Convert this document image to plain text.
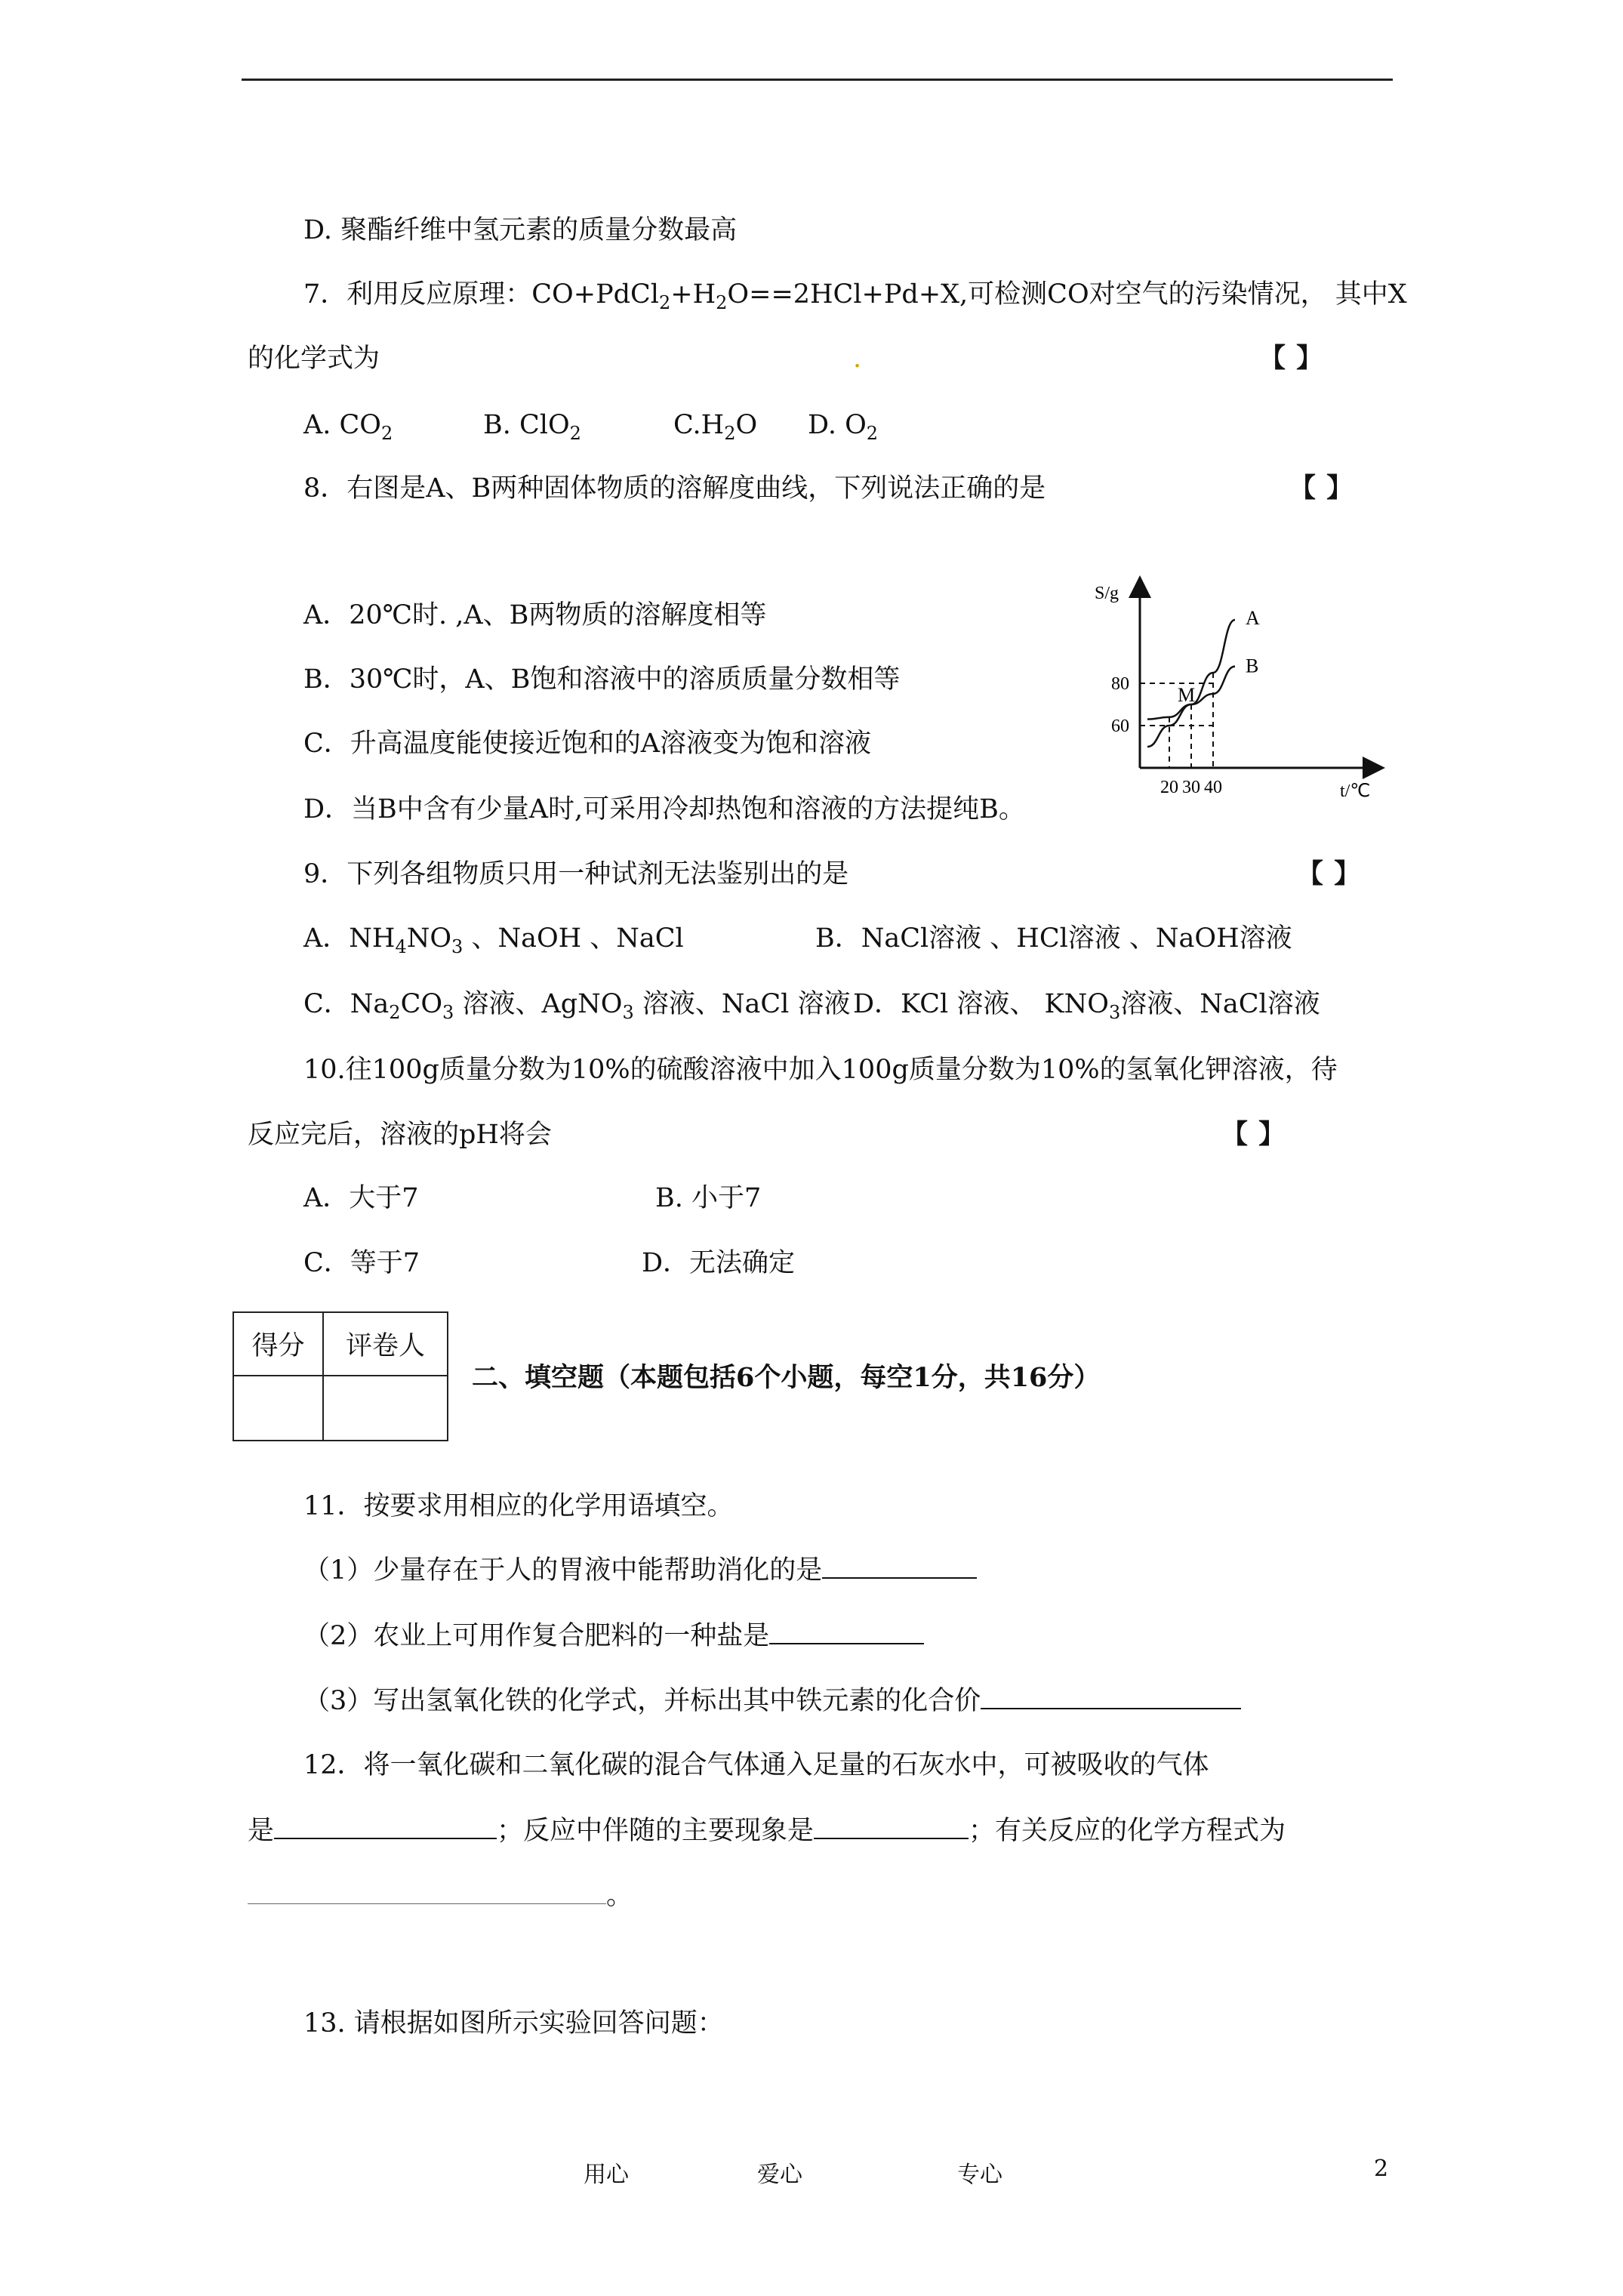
D. 聚酯纤维中氢元素的质量分数最高
7．利用反应原理：$CO+PdCl_2+H_2O==2HCl+Pd+X$,可检测CO对空气的污染情况， 其中X
的化学式为	.	【 】
A. $CO_2$	B. ClO$_2$	$C.H_2O$ D. $O_2$
8．右图是A、B两种固体物质的溶解度曲线，下列说法正确的是	【 】
A．20℃时. ,A、B两物质的溶解度相等
B．30℃时，A、B饱和溶液中的溶质质量分数相等
C．升高温度能使接近饱和的A溶液变为饱和溶液
D．当B中含有少量A时,可采用冷却热饱和溶液的方法提纯B。
S/g
t/℃
20 30 40
60
80
A
B
M
9．下列各组物质只用一种试剂无法鉴别出的是	【 】
A．$NH_4NO_3$ 、NaOH 、NaCl	B．NaCl溶液 、HCl溶液 、NaOH溶液
C．$Na_2CO_3$ 溶液、AgNO$_3$ 溶液、NaCl 溶液 D．KCl 溶液、 $KNO_3$溶液、NaCl溶液
10.往100g质量分数为10%的硫酸溶液中加入100g质量分数为10%的氢氧化钾溶液，待
反应完后，溶液的pH将会	【 】
A．大于7	B. 小于7
C．等于7	D．无法确定
得分	评卷人

二、填空题（本题包括6个小题，每空1分，共16分）
11．按要求用相应的化学用语填空。
（1）少量存在于人的胃液中能帮助消化的是
（2）农业上可用作复合肥料的一种盐是
（3）写出氢氧化铁的化学式，并标出其中铁元素的化合价
12．将一氧化碳和二氧化碳的混合气体通入足量的石灰水中，可被吸收的气体
是	；反应中伴随的主要现象是	；有关反应的化学方程式为
。
13. 请根据如图所示实验回答问题：
用心	爱心	专心	2
